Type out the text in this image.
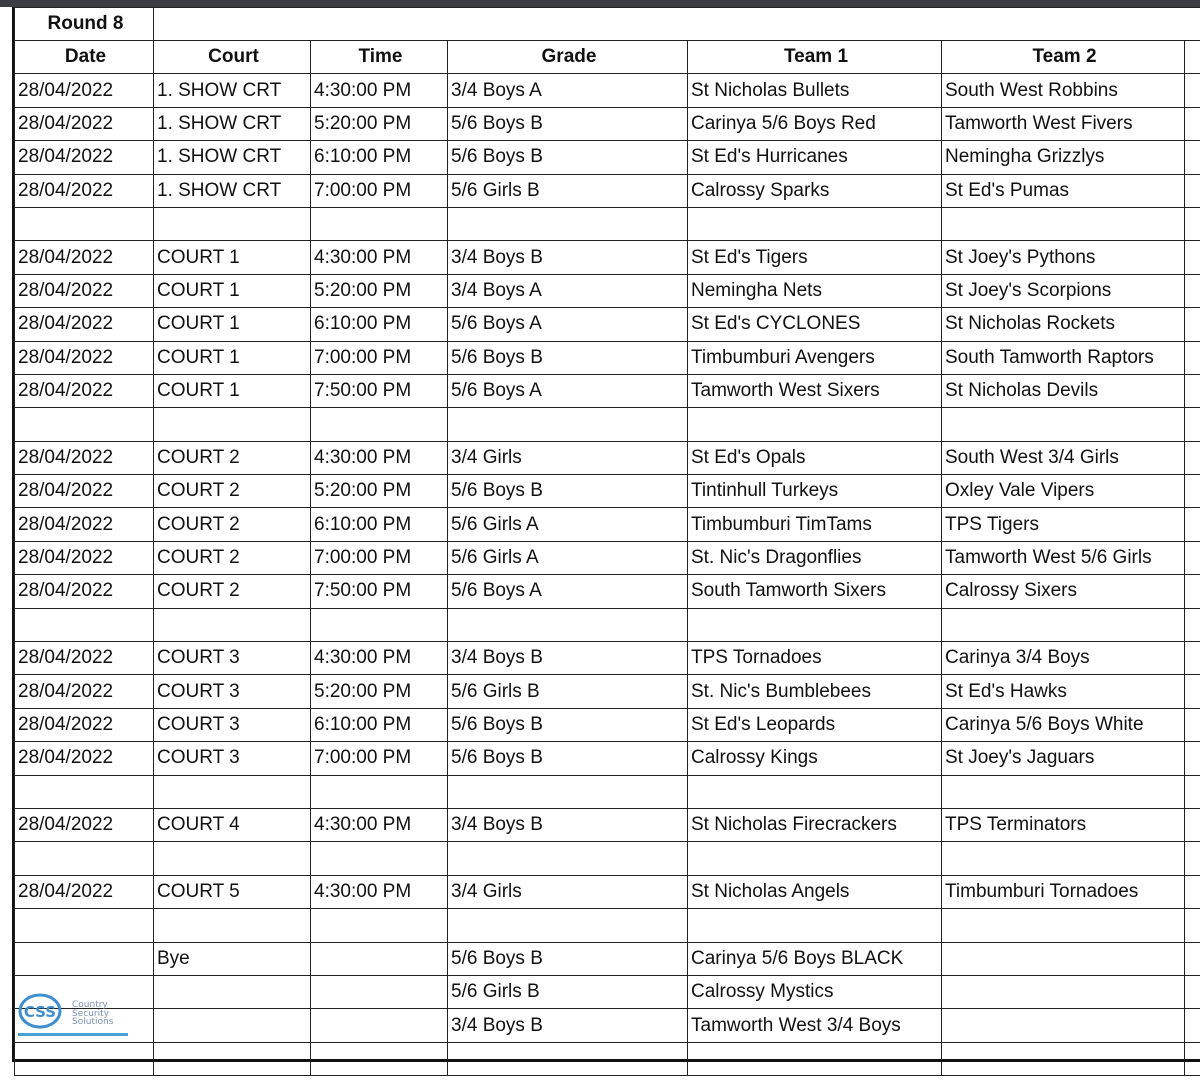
Round 8						
Date	Court	Time	Grade	Team 1	Team 2	
28/04/2022	1. SHOW CRT	4:30:00 PM	3/4 Boys A	St Nicholas Bullets	South West Robbins	
28/04/2022	1. SHOW CRT	5:20:00 PM	5/6 Boys B	Carinya 5/6 Boys Red	Tamworth West Fivers	
28/04/2022	1. SHOW CRT	6:10:00 PM	5/6 Boys B	St Ed's Hurricanes	Nemingha Grizzlys	
28/04/2022	1. SHOW CRT	7:00:00 PM	5/6 Girls B	Calrossy Sparks	St Ed's Pumas	

28/04/2022	COURT 1	4:30:00 PM	3/4 Boys B	St Ed's Tigers	St Joey's Pythons	
28/04/2022	COURT 1	5:20:00 PM	3/4 Boys A	Nemingha Nets	St Joey's Scorpions	
28/04/2022	COURT 1	6:10:00 PM	5/6 Boys A	St Ed's CYCLONES	St Nicholas Rockets	
28/04/2022	COURT 1	7:00:00 PM	5/6 Boys B	Timbumburi Avengers	South Tamworth Raptors	
28/04/2022	COURT 1	7:50:00 PM	5/6 Boys A	Tamworth West Sixers	St Nicholas Devils	

28/04/2022	COURT 2	4:30:00 PM	3/4 Girls	St Ed's Opals	South West 3/4 Girls	
28/04/2022	COURT 2	5:20:00 PM	5/6 Boys B	Tintinhull Turkeys	Oxley Vale Vipers	
28/04/2022	COURT 2	6:10:00 PM	5/6 Girls A	Timbumburi TimTams	TPS Tigers	
28/04/2022	COURT 2	7:00:00 PM	5/6 Girls A	St. Nic's Dragonflies	Tamworth West 5/6 Girls	
28/04/2022	COURT 2	7:50:00 PM	5/6 Boys A	South Tamworth Sixers	Calrossy Sixers	

28/04/2022	COURT 3	4:30:00 PM	3/4 Boys B	TPS Tornadoes	Carinya 3/4 Boys	
28/04/2022	COURT 3	5:20:00 PM	5/6 Girls B	St. Nic's Bumblebees	St Ed's Hawks	
28/04/2022	COURT 3	6:10:00 PM	5/6 Boys B	St Ed's Leopards	Carinya 5/6 Boys White	
28/04/2022	COURT 3	7:00:00 PM	5/6 Boys B	Calrossy Kings	St Joey's Jaguars	

28/04/2022	COURT 4	4:30:00 PM	3/4 Boys B	St Nicholas Firecrackers	TPS Terminators	

28/04/2022	COURT 5	4:30:00 PM	3/4 Girls	St Nicholas Angels	Timbumburi Tornadoes	

	Bye		5/6 Boys B	Carinya 5/6 Boys BLACK		
			5/6 Girls B	Calrossy Mystics		
			3/4 Boys B	Tamworth West 3/4 Boys		

CSS Country
Security
Solutions
